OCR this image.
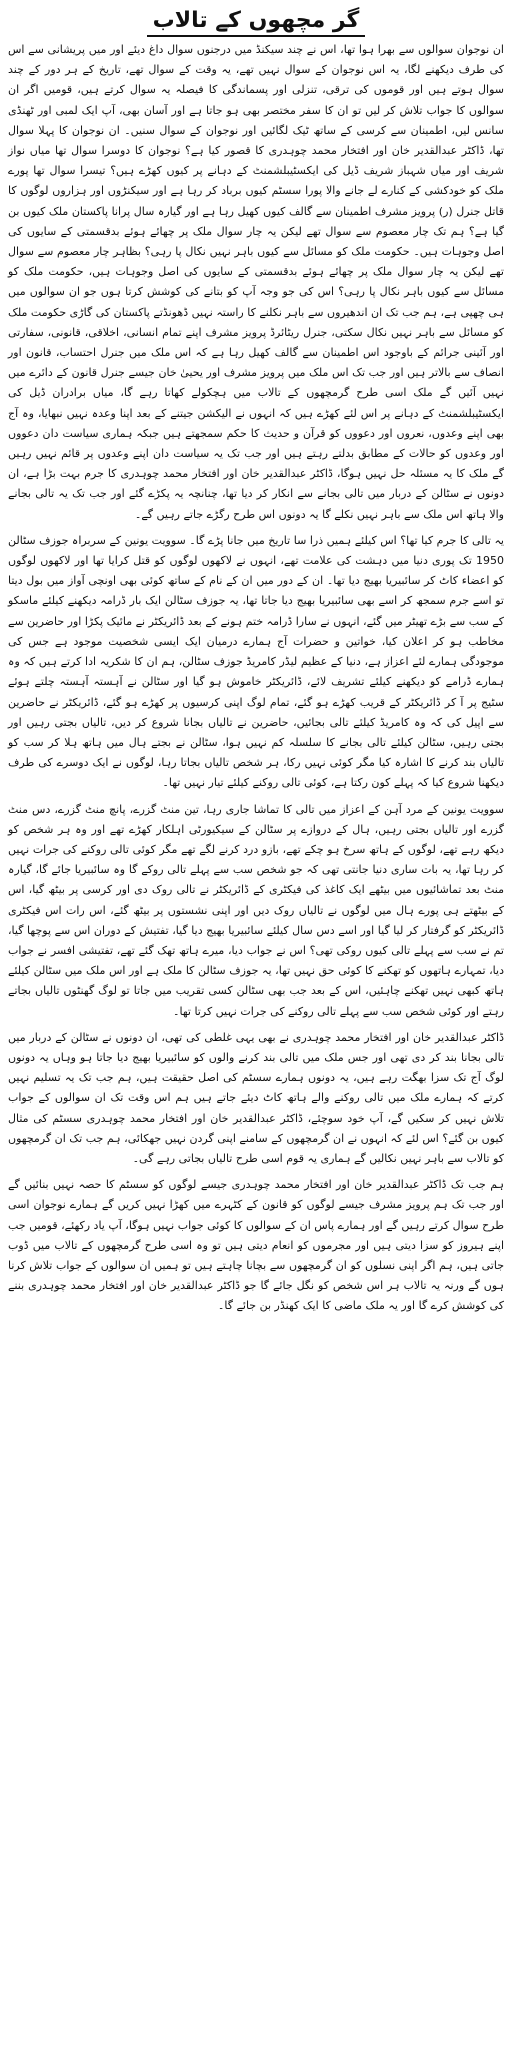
گر مچھوں کے تالاب

ان نوجوان سوالوں سے بھرا ہوا تھا، اس نے چند سیکنڈ میں درجنوں سوال داغ دیئے اور میں پریشانی سے اس کی طرف دیکھنے لگا، یہ اس نوجوان کے سوال نہیں تھے، یہ وقت کے سوال تھے، تاریخ کے ہر دور کے چند سوال ہوتے ہیں اور قوموں کی ترقی، تنزلی اور پسماندگی کا فیصلہ یہ سوال کرتے ہیں، قومیں اگر ان سوالوں کا جواب تلاش کر لیں تو ان کا سفر مختصر بھی ہو جاتا ہے اور آسان بھی، آپ ایک لمبی اور ٹھنڈی سانس لیں، اطمینان سے کرسی کے ساتھ ٹیک لگائیں اور نوجوان کے سوال سنیں۔ ان نوجوان کا پہلا سوال تھا، ڈاکٹر عبدالقدیر خان اور افتخار محمد چوہدری کا قصور کیا ہے؟ نوجوان کا دوسرا سوال تھا میاں نواز شریف اور میاں شہباز شریف ڈیل کی ایکسٹیبلشمنٹ کے دہانے پر کیوں کھڑے ہیں؟ تیسرا سوال تھا پورے ملک کو خودکشی کے کنارے لے جانے والا پورا سسٹم کیوں برباد کر رہا ہے اور سیکنڑوں اور ہزاروں لوگوں کا قاتل جنرل (ر) پرویز مشرف اطمینان سے گالف کیوں کھیل رہا ہے اور گیارہ سال پرانا پاکستان ملک کیوں بن گیا ہے؟ ہم تک چار معصوم سے سوال تھے لیکن یہ چار سوال ملک پر چھائے ہوئے بدقسمتی کے سایوں کی اصل وجوہات ہیں۔ حکومت ملک کو مسائل سے کیوں باہر نہیں نکال پا رہی؟ بظاہر چار معصوم سے سوال تھے لیکن یہ چار سوال ملک پر چھائے ہوئے بدقسمتی کے سایوں کی اصل وجوہات ہیں، حکومت ملک کو مسائل سے کیوں باہر نکال پا رہی؟ اس کی جو وجہ آپ کو بتانے کی کوشش کرتا ہوں جو ان سوالوں میں ہی چھپی ہے، ہم جب تک ان اندھیروں سے باہر نکلنے کا راستہ نہیں ڈھونڈتے پاکستان کی گاڑی حکومت ملک کو مسائل سے باہر نہیں نکال سکتی، جنرل ریٹائرڈ پرویز مشرف اپنے تمام انسانی، اخلاقی، قانونی، سفارتی اور آئینی جرائم کے باوجود اس اطمینان سے گالف کھیل رہا ہے کہ اس ملک میں جنرل احتساب، قانون اور انصاف سے بالاتر ہیں اور جب تک اس ملک میں پرویز مشرف اور یحییٰ خان جیسے جنرل قانون کے دائرے میں نہیں آئیں گے ملک اسی طرح گرمچھوں کے تالاب میں ہچکولے کھاتا رہے گا، میاں برادران ڈیل کی ایکسٹیبلشمنٹ کے دہانے پر اس لئے کھڑے ہیں کہ انہوں نے الیکشن جیتنے کے بعد اپنا وعدہ نہیں نبھایا، وہ آج بھی اپنے وعدوں، نعروں اور دعووں کو قرآن و حدیث کا حکم سمجھتے ہیں جبکہ ہماری سیاست دان دعووں اور وعدوں کو حالات کے مطابق بدلتے رہتے ہیں اور جب تک یہ سیاست دان اپنے وعدوں پر قائم نہیں رہیں گے ملک کا یہ مسئلہ حل نہیں ہوگا، ڈاکٹر عبدالقدیر خان اور افتخار محمد چوہدری کا جرم بہت بڑا ہے، ان دونوں نے سٹالن کے دربار میں تالی بجانے سے انکار کر دیا تھا، چنانچہ یہ پکڑے گئے اور جب تک یہ تالی بجانے والا ہاتھ اس ملک سے باہر نہیں نکلے گا یہ دونوں اس طرح رگڑے جاتے رہیں گے۔

یہ تالی کا جرم کیا تھا؟ اس کیلئے ہمیں ذرا سا تاریخ میں جانا پڑے گا۔ سوویت یونین کے سربراہ جوزف سٹالن 1950 تک پوری دنیا میں دہشت کی علامت تھے، انہوں نے لاکھوں لوگوں کو قتل کرایا تھا اور لاکھوں لوگوں کو اعضاء کاٹ کر سائبیریا بھیج دیا تھا۔ ان کے دور میں ان کے نام کے ساتھ کوئی بھی اونچی آواز میں بول دیتا تو اسے جرم سمجھ کر اسے بھی سائبیریا بھیج دیا جاتا تھا، یہ جوزف سٹالن ایک بار ڈرامہ دیکھنے کیلئے ماسکو کے سب سے بڑے تھیٹر میں گئے، انہوں نے سارا ڈرامہ ختم ہونے کے بعد ڈائریکٹر نے مائیک پکڑا اور حاضرین سے مخاطب ہو کر اعلان کیا، خواتین و حضرات آج ہمارے درمیان ایک ایسی شخصیت موجود ہے جس کی موجودگی ہمارے لئے اعزاز ہے، دنیا کے عظیم لیڈر کامریڈ جوزف سٹالن، ہم ان کا شکریہ ادا کرتے ہیں کہ وہ ہمارے ڈرامے کو دیکھنے کیلئے تشریف لائے، ڈائریکٹر خاموش ہو گیا اور سٹالن نے آہستہ آہستہ چلتے ہوئے سٹیج پر آ کر ڈائریکٹر کے قریب کھڑے ہو گئے، تمام لوگ اپنی کرسیوں پر کھڑے ہو گئے، ڈائریکٹر نے حاضرین سے اپیل کی کہ وہ کامریڈ کیلئے تالی بجائیں، حاضرین نے تالیاں بجانا شروع کر دیں، تالیاں بجتی رہیں اور بجتی رہیں، سٹالن کیلئے تالی بجانے کا سلسلہ کم نہیں ہوا، سٹالن نے بجتے ہال میں ہاتھ ہلا کر سب کو تالیاں بند کرنے کا اشارہ کیا مگر کوئی نہیں رکا، ہر شخص تالیاں بجاتا رہا، لوگوں نے ایک دوسرے کی طرف دیکھنا شروع کیا کہ پہلے کون رکتا ہے، کوئی تالی روکنے کیلئے تیار نہیں تھا۔

سوویت یونین کے مرد آہن کے اعزاز میں تالی کا تماشا جاری رہا، تین منٹ گزرے، پانچ منٹ گزرے، دس منٹ گزرے اور تالیاں بجتی رہیں، ہال کے دروازے پر سٹالن کے سیکیورٹی اہلکار کھڑے تھے اور وہ ہر شخص کو دیکھ رہے تھے، لوگوں کے ہاتھ سرخ ہو چکے تھے، بازو درد کرنے لگے تھے مگر کوئی تالی روکنے کی جرات نہیں کر رہا تھا، یہ بات ساری دنیا جانتی تھی کہ جو شخص سب سے پہلے تالی روکے گا وہ سائبیریا جائے گا، گیارہ منٹ بعد تماشائیوں میں بیٹھے ایک کاغذ کی فیکٹری کے ڈائریکٹر نے تالی روک دی اور کرسی پر بیٹھ گیا، اس کے بیٹھتے ہی پورے ہال میں لوگوں نے تالیاں روک دیں اور اپنی نشستوں پر بیٹھ گئے، اس رات اس فیکٹری ڈائریکٹر کو گرفتار کر لیا گیا اور اسے دس سال کیلئے سائبیریا بھیج دیا گیا، تفتیش کے دوران اس سے پوچھا گیا، تم نے سب سے پہلے تالی کیوں روکی تھی؟ اس نے جواب دیا، میرے ہاتھ تھک گئے تھے، تفتیشی افسر نے جواب دیا، تمہارے ہاتھوں کو تھکنے کا کوئی حق نہیں تھا، یہ جوزف سٹالن کا ملک ہے اور اس ملک میں سٹالن کیلئے ہاتھ کبھی نہیں تھکنے چاہئیں، اس کے بعد جب بھی سٹالن کسی تقریب میں جاتا تو لوگ گھنٹوں تالیاں بجاتے رہتے اور کوئی شخص سب سے پہلے تالی روکنے کی جرات نہیں کرتا تھا۔

ڈاکٹر عبدالقدیر خان اور افتخار محمد چوہدری نے بھی یہی غلطی کی تھی، ان دونوں نے سٹالن کے دربار میں تالی بجانا بند کر دی تھی اور جس ملک میں تالی بند کرنے والوں کو سائبیریا بھیج دیا جاتا ہو وہاں یہ دونوں لوگ آج تک سزا بھگت رہے ہیں، یہ دونوں ہمارے سسٹم کی اصل حقیقت ہیں، ہم جب تک یہ تسلیم نہیں کرتے کہ ہمارے ملک میں تالی روکنے والے ہاتھ کاٹ دیئے جاتے ہیں ہم اس وقت تک ان سوالوں کے جواب تلاش نہیں کر سکیں گے، آپ خود سوچئے، ڈاکٹر عبدالقدیر خان اور افتخار محمد چوہدری سسٹم کی مثال کیوں بن گئے؟ اس لئے کہ انہوں نے ان گرمچھوں کے سامنے اپنی گردن نہیں جھکائی، ہم جب تک ان گرمچھوں کو تالاب سے باہر نہیں نکالیں گے ہماری یہ قوم اسی طرح تالیاں بجاتی رہے گی۔

ہم جب تک ڈاکٹر عبدالقدیر خان اور افتخار محمد چوہدری جیسے لوگوں کو سسٹم کا حصہ نہیں بنائیں گے اور جب تک ہم پرویز مشرف جیسے لوگوں کو قانون کے کٹہرے میں کھڑا نہیں کریں گے ہمارے نوجوان اسی طرح سوال کرتے رہیں گے اور ہمارے پاس ان کے سوالوں کا کوئی جواب نہیں ہوگا، آپ یاد رکھئے، قومیں جب اپنے ہیروز کو سزا دیتی ہیں اور مجرموں کو انعام دیتی ہیں تو وہ اسی طرح گرمچھوں کے تالاب میں ڈوب جاتی ہیں، ہم اگر اپنی نسلوں کو ان گرمچھوں سے بچانا چاہتے ہیں تو ہمیں ان سوالوں کے جواب تلاش کرنا ہوں گے ورنہ یہ تالاب ہر اس شخص کو نگل جائے گا جو ڈاکٹر عبدالقدیر خان اور افتخار محمد چوہدری بننے کی کوشش کرے گا اور یہ ملک ماضی کا ایک کھنڈر بن جائے گا۔
